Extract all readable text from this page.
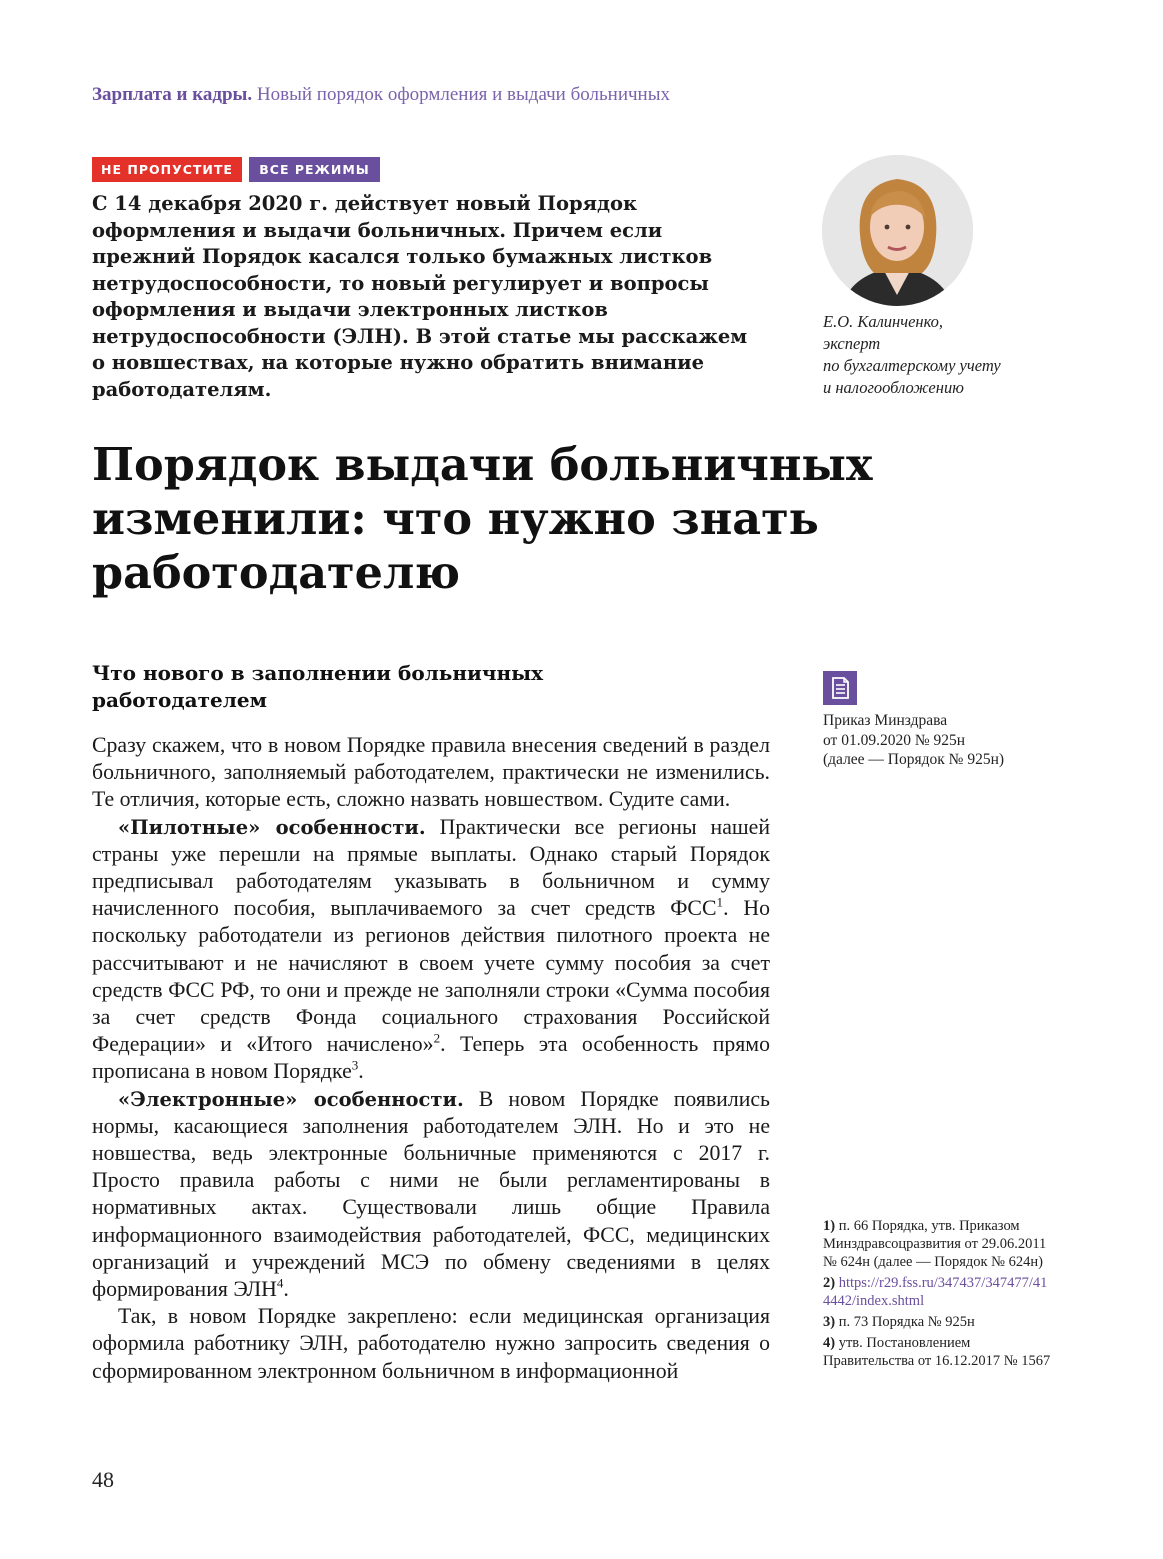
Зарплата и кадры. Новый порядок оформления и выдачи больничных
НЕ ПРОПУСТИТЕ	ВСЕ РЕЖИМЫ
С 14 декабря 2020 г. действует новый Порядок
оформления и выдачи больничных. Причем если
прежний Порядок касался только бумажных листков
нетрудоспособности, то новый регулирует и вопросы
оформления и выдачи электронных листков
нетрудоспособности (ЭЛН). В этой статье мы расскажем
о новшествах, на которые нужно обратить внимание
работодателям.
Е.О. Калинченко,
эксперт
по бухгалтерскому учету
и налогообложению
Порядок выдачи больничных
изменили: что нужно знать
работодателю
Что нового в заполнении больничных
работодателем

Сразу скажем, что в новом Порядке правила внесения сведений в раздел больничного, заполняемый работодателем, практически не изменились. Те отличия, которые есть, сложно назвать новшеством. Судите сами.

«Пилотные» особенности. Практически все регионы нашей страны уже перешли на прямые выплаты. Однако старый Порядок предписывал работодателям указывать в больничном и сумму начисленного пособия, выплачиваемого за счет средств ФСС$^1$. Но поскольку работодатели из регионов действия пилотного проекта не рассчитывают и не начисляют в своем учете сумму пособия за счет средств ФСС РФ, то они и прежде не заполняли строки «Сумма пособия за счет средств Фонда социального страхования Российской Федерации» и «Итого начислено»$^2$. Теперь эта особенность прямо прописана в новом Порядке$^3$.

«Электронные» особенности. В новом Порядке появились нормы, касающиеся заполнения работодателем ЭЛН. Но и это не новшества, ведь электронные больничные применяются с 2017 г. Просто правила работы с ними не были регламентированы в нормативных актах. Существовали лишь общие Правила информационного взаимодействия работодателей, ФСС, медицинских организаций и учреждений МСЭ по обмену сведениями в целях формирования ЭЛН$^4$.

Так, в новом Порядке закреплено: если медицинская организация оформила работнику ЭЛН, работодателю нужно запросить сведения о сформированном электронном больничном в информационной

Приказ Минздрава
от 01.09.2020 № 925н
(далее — Порядок № 925н)
1) п. 66 Порядка, утв. Приказом Минздравсоцразвития от 29.06.2011 № 624н (далее — Порядок № 624н)
2) https://r29.fss.ru/347437/347477/414442/index.shtml
3) п. 73 Порядка № 925н
4) утв. Постановлением Правительства от 16.12.2017 № 1567
48
